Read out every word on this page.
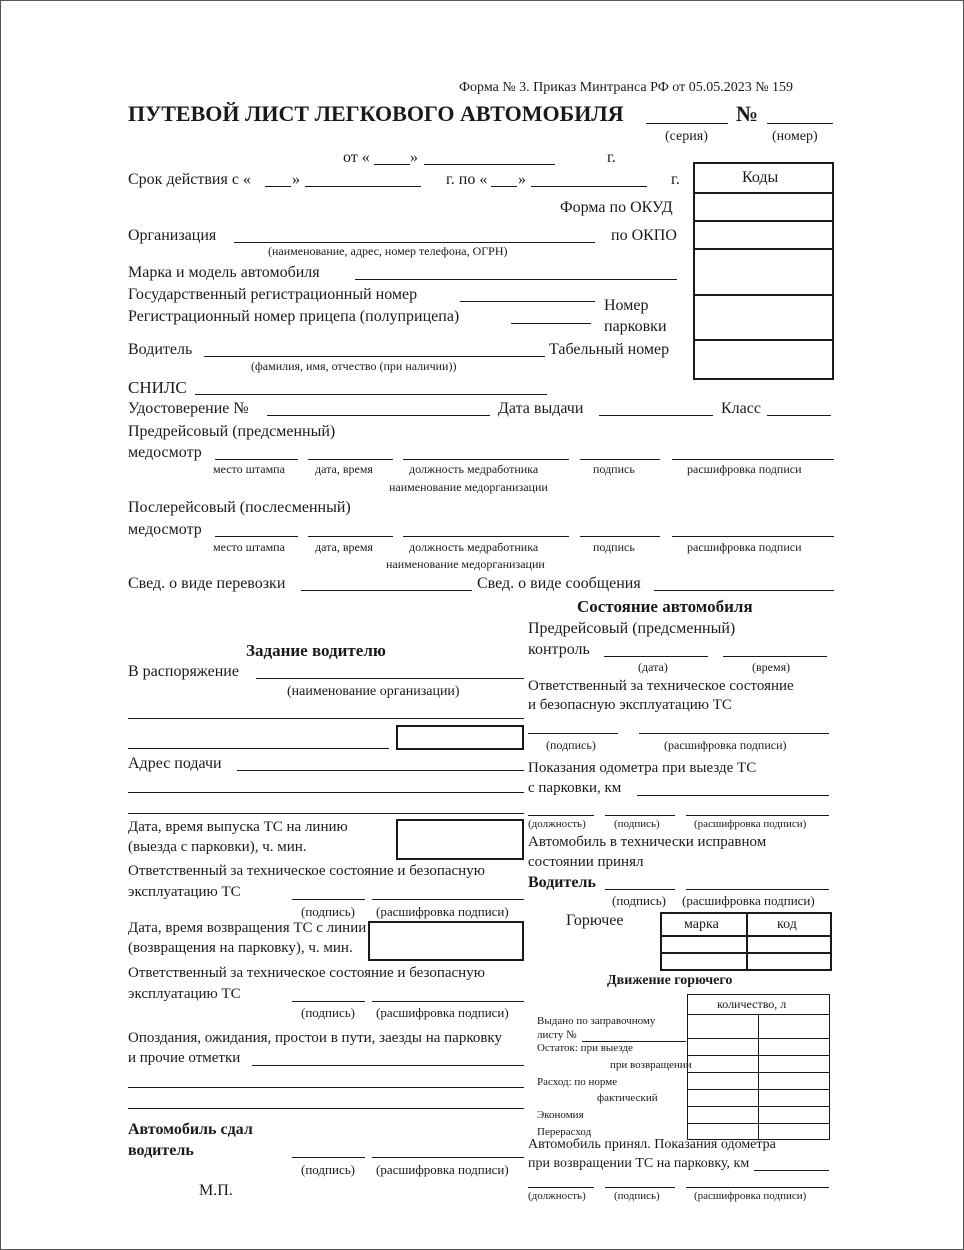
Форма № 3. Приказ Минтранса РФ от 05.05.2023 № 159
ПУТЕВОЙ ЛИСТ ЛЕГКОВОГО АВТОМОБИЛЯ	№
(серия)	(номер)
от «	»	г.
Коды
Форма по ОКУД
по ОКПО
Номер
парковки
Табельный номер
Срок действия с «	»	г. по « »	г.
Организация
(наименование, адрес, номер телефона, ОГРН)
Марка и модель автомобиля
Государственный регистрационный номер
Регистрационный номер прицепа (полуприцепа)
Водитель
(фамилия, имя, отчество (при наличии))
СНИЛС
Удостоверение №	Дата выдачи	Класс
Предрейсовый (предсменный)
медосмотр
место штампа	дата, время	должность медработника
наименование медорганизации
подпись	расшифровка подписи
Послерейсовый (послесменный)
медосмотр
место штампа	дата, время	должность медработника
наименование медорганизации
подпись	расшифровка подписи
Свед. о виде перевозки	Свед. о виде сообщения
Задание водителю
В распоряжение
(наименование организации)
Адрес подачи
Дата, время выпуска ТС на линию
(выезда с парковки), ч. мин.
Ответственный за техническое состояние и безопасную
эксплуатацию ТС
(подпись) (расшифровка подписи)
Дата, время возвращения ТС с линии
(возвращения на парковку), ч. мин.
Ответственный за техническое состояние и безопасную
эксплуатацию ТС
(подпись) (расшифровка подписи)
Опоздания, ожидания, простои в пути, заезды на парковку
и прочие отметки
Автомобиль сдал
водитель
(подпись) (расшифровка подписи)
М.П.
Состояние автомобиля
Предрейсовый (предсменный)
контроль
(дата)	(время)
Ответственный за техническое состояние
и безопасную эксплуатацию ТС
(подпись)	(расшифровка подписи)
Показания одометра при выезде ТС
с парковки, км
(должность)	(подпись)	(расшифровка подписи)
Автомобиль в технически исправном
состоянии принял
Водитель
(подпись) (расшифровка подписи)
Горючее	марка	код
Движение горючего
количество, л
Выдано по заправочному
листу №
Остаток: при выезде
при возвращении
Расход: по норме
фактический
Экономия
Перерасход
Автомобиль принял. Показания одометра
при возвращении ТС на парковку, км
(должность)	(подпись)	(расшифровка подписи)
